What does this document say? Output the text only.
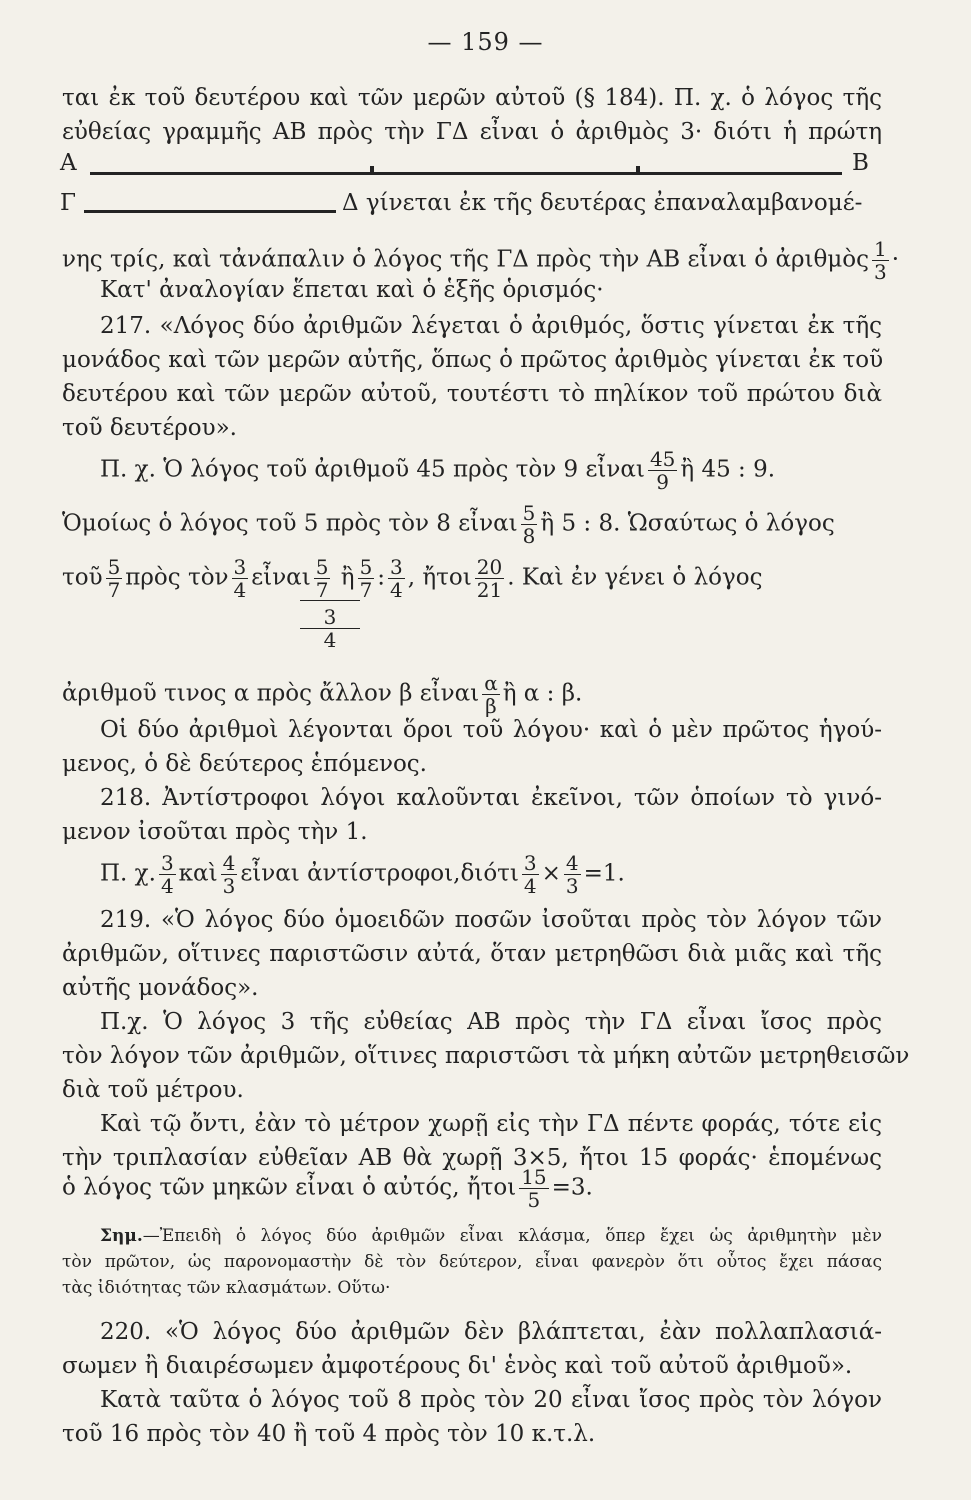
— 159 —
ται ἐκ τοῦ δευτέρου καὶ τῶν μερῶν αὐτοῦ (§ 184). Π. χ. ὁ λόγος τῆς
εὐθείας γραμμῆς ΑΒ πρὸς τὴν ΓΔ εἶναι ὁ ἀριθμὸς 3· διότι ἡ πρώτη
Α	Β
Γ	Δ γίνεται ἐκ τῆς δευτέρας ἐπαναλαμβανομέ-
νης τρίς, καὶ τἀνάπαλιν ὁ λόγος τῆς ΓΔ πρὸς τὴν ΑΒ εἶναι ὁ ἀριθμὸς $\frac{1}{3}$ ·
Κατ' ἀναλογίαν ἕπεται καὶ ὁ ἑξῆς ὁρισμός·
217. «Λόγος δύο ἀριθμῶν λέγεται ὁ ἀριθμός, ὅστις γίνεται ἐκ τῆς
μονάδος καὶ τῶν μερῶν αὐτῆς, ὅπως ὁ πρῶτος ἀριθμὸς γίνεται ἐκ τοῦ
δευτέρου καὶ τῶν μερῶν αὐτοῦ, τουτέστι τὸ πηλίκον τοῦ πρώτου διὰ
τοῦ δευτέρου».
Π. χ. Ὁ λόγος τοῦ ἀριθμοῦ 45 πρὸς τὸν 9 εἶναι $\frac{45}{9}$ ἢ 45 : 9.
Ὁμοίως ὁ λόγος τοῦ 5 πρὸς τὸν 8 εἶναι $\frac{5}{8}$ ἢ 5 : 8. Ὡσαύτως ὁ λόγος
τοῦ $\frac{5}{7}$ πρὸς τὸν $\frac{3}{4}$ εἶναι $\frac{5}{7}$ ἢ $\frac{5}{7}$ : $\frac{3}{4}$ , ἤτοι $\frac{20}{21}$ . Καὶ ἐν γένει ὁ λόγος
3
4
ἀριθμοῦ τινος α πρὸς ἄλλον β εἶναι $\frac{\alpha}{\beta}$ ἢ α : β.
Οἱ δύο ἀριθμοὶ λέγονται ὅροι τοῦ λόγου· καὶ ὁ μὲν πρῶτος ἡγού-
μενος, ὁ δὲ δεύτερος ἑπόμενος.
218. Ἀντίστροφοι λόγοι καλοῦνται ἐκεῖνοι, τῶν ὁποίων τὸ γινό-
μενον ἰσοῦται πρὸς τὴν 1.
Π. χ. $\frac{3}{4}$ καὶ $\frac{4}{3}$ εἶναι ἀντίστροφοι,διότι $\frac{3}{4} \times \frac{4}{3} =1$.
219. «Ὁ λόγος δύο ὁμοειδῶν ποσῶν ἰσοῦται πρὸς τὸν λόγον τῶν
ἀριθμῶν, οἵτινες παριστῶσιν αὐτά, ὅταν μετρηθῶσι διὰ μιᾶς καὶ τῆς
αὐτῆς μονάδος».
Π.χ. Ὁ λόγος 3 τῆς εὐθείας ΑΒ πρὸς τὴν ΓΔ εἶναι ἴσος πρὸς
τὸν λόγον τῶν ἀριθμῶν, οἵτινες παριστῶσι τὰ μήκη αὐτῶν μετρηθεισῶν
διὰ τοῦ μέτρου.
Καὶ τῷ ὄντι, ἐὰν τὸ μέτρον χωρῇ εἰς τὴν ΓΔ πέντε φοράς, τότε εἰς
τὴν τριπλασίαν εὐθεῖαν ΑΒ θὰ χωρῇ 3×5, ἤτοι 15 φοράς· ἑπομένως
ὁ λόγος τῶν μηκῶν εἶναι ὁ αὐτός, ἤτοι $\frac{15}{5} =3$.
Σημ.—Ἐπειδὴ ὁ λόγος δύο ἀριθμῶν εἶναι κλάσμα, ὅπερ ἔχει ὡς ἀριθμητὴν μὲν
τὸν πρῶτον, ὡς παρονομαστὴν δὲ τὸν δεύτερον, εἶναι φανερὸν ὅτι οὗτος ἔχει πάσας
τὰς ἰδιότητας τῶν κλασμάτων. Οὕτω·
220. «Ὁ λόγος δύο ἀριθμῶν δὲν βλάπτεται, ἐὰν πολλαπλασιά-
σωμεν ἢ διαιρέσωμεν ἀμφοτέρους δι' ἑνὸς καὶ τοῦ αὐτοῦ ἀριθμοῦ».
Κατὰ ταῦτα ὁ λόγος τοῦ 8 πρὸς τὸν 20 εἶναι ἴσος πρὸς τὸν λόγον
τοῦ 16 πρὸς τὸν 40 ἢ τοῦ 4 πρὸς τὸν 10 κ.τ.λ.
